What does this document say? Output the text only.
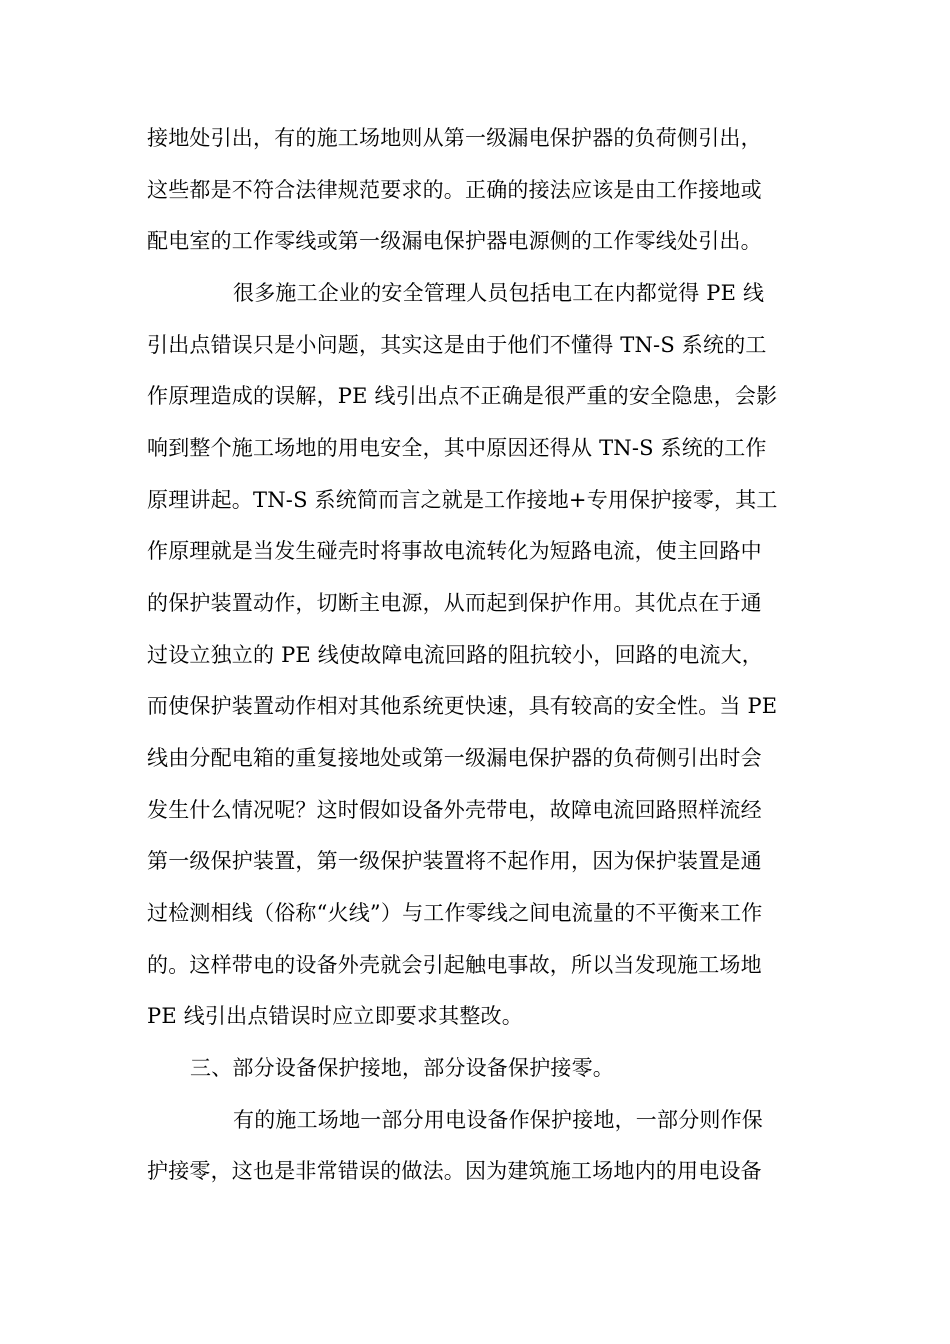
接地处引出，有的施工场地则从第一级漏电保护器的负荷侧引出，
这些都是不符合法律规范要求的。正确的接法应该是由工作接地或
配电室的工作零线或第一级漏电保护器电源侧的工作零线处引出。
很多施工企业的安全管理人员包括电工在内都觉得 PE 线
引出点错误只是小问题，其实这是由于他们不懂得 TN-S 系统的工
作原理造成的误解，PE 线引出点不正确是很严重的安全隐患，会影
响到整个施工场地的用电安全，其中原因还得从 TN-S 系统的工作
原理讲起。TN-S 系统简而言之就是工作接地+专用保护接零，其工
作原理就是当发生碰壳时将事故电流转化为短路电流，使主回路中
的保护装置动作，切断主电源，从而起到保护作用。其优点在于通
过设立独立的 PE 线使故障电流回路的阻抗较小，回路的电流大，
而使保护装置动作相对其他系统更快速，具有较高的安全性。当 PE
线由分配电箱的重复接地处或第一级漏电保护器的负荷侧引出时会
发生什么情况呢？这时假如设备外壳带电，故障电流回路照样流经
第一级保护装置，第一级保护装置将不起作用，因为保护装置是通
过检测相线（俗称“火线”）与工作零线之间电流量的不平衡来工作
的。这样带电的设备外壳就会引起触电事故，所以当发现施工场地
PE 线引出点错误时应立即要求其整改。
三、部分设备保护接地，部分设备保护接零。
有的施工场地一部分用电设备作保护接地，一部分则作保
护接零，这也是非常错误的做法。因为建筑施工场地内的用电设备
